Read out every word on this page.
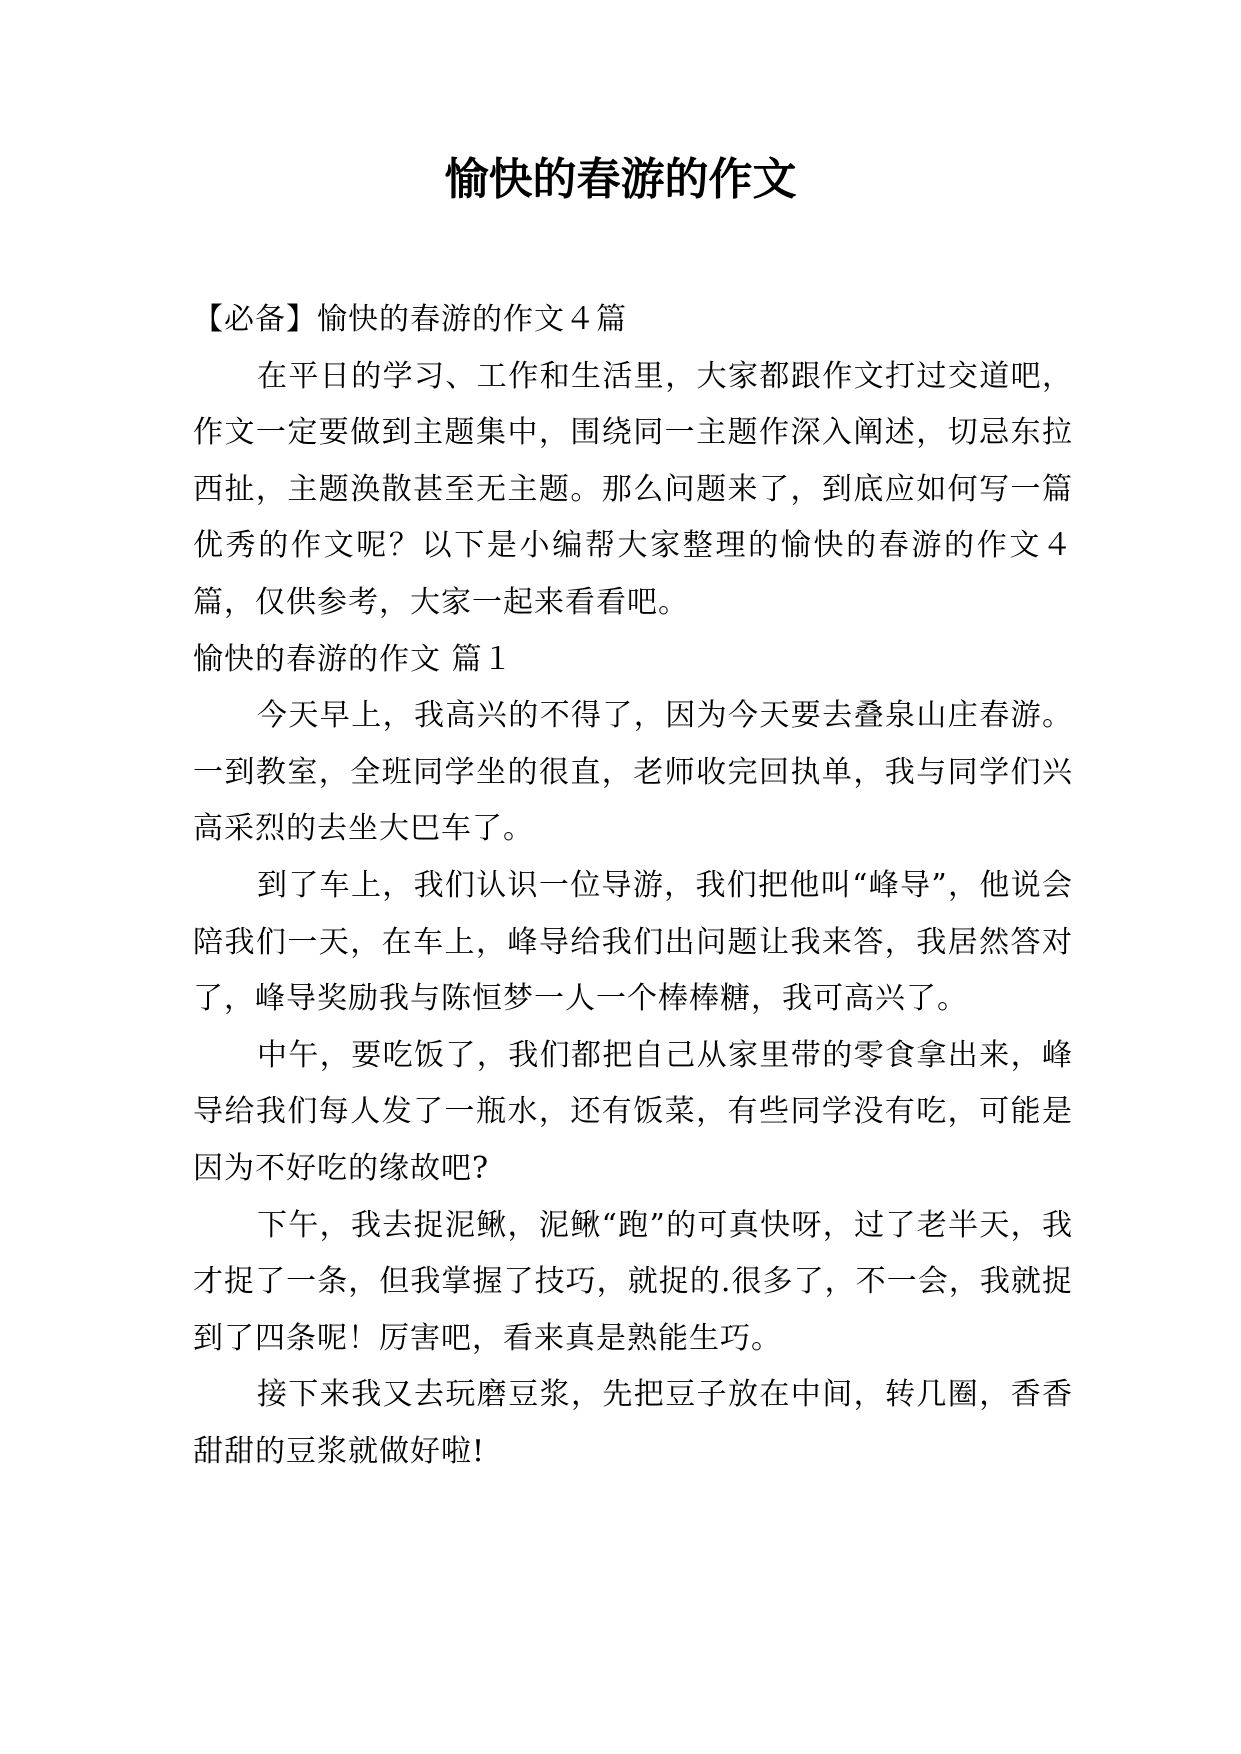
愉快的春游的作文

【必备】愉快的春游的作文４篇

在平日的学习、工作和生活里，大家都跟作文打过交道吧，作文一定要做到主题集中，围绕同一主题作深入阐述，切忌东拉西扯，主题涣散甚至无主题。那么问题来了，到底应如何写一篇优秀的作文呢？以下是小编帮大家整理的愉快的春游的作文４篇，仅供参考，大家一起来看看吧。

愉快的春游的作文 篇１

今天早上，我高兴的不得了，因为今天要去叠泉山庄春游。一到教室，全班同学坐的很直，老师收完回执单，我与同学们兴高采烈的去坐大巴车了。

到了车上，我们认识一位导游，我们把他叫“峰导”，他说会陪我们一天，在车上，峰导给我们出问题让我来答，我居然答对了，峰导奖励我与陈恒梦一人一个棒棒糖，我可高兴了。

中午，要吃饭了，我们都把自己从家里带的零食拿出来，峰导给我们每人发了一瓶水，还有饭菜，有些同学没有吃，可能是因为不好吃的缘故吧?

下午，我去捉泥鳅，泥鳅“跑”的可真快呀，过了老半天，我才捉了一条，但我掌握了技巧，就捉的.很多了，不一会，我就捉到了四条呢！厉害吧，看来真是熟能生巧。

接下来我又去玩磨豆浆，先把豆子放在中间，转几圈，香香甜甜的豆浆就做好啦!
